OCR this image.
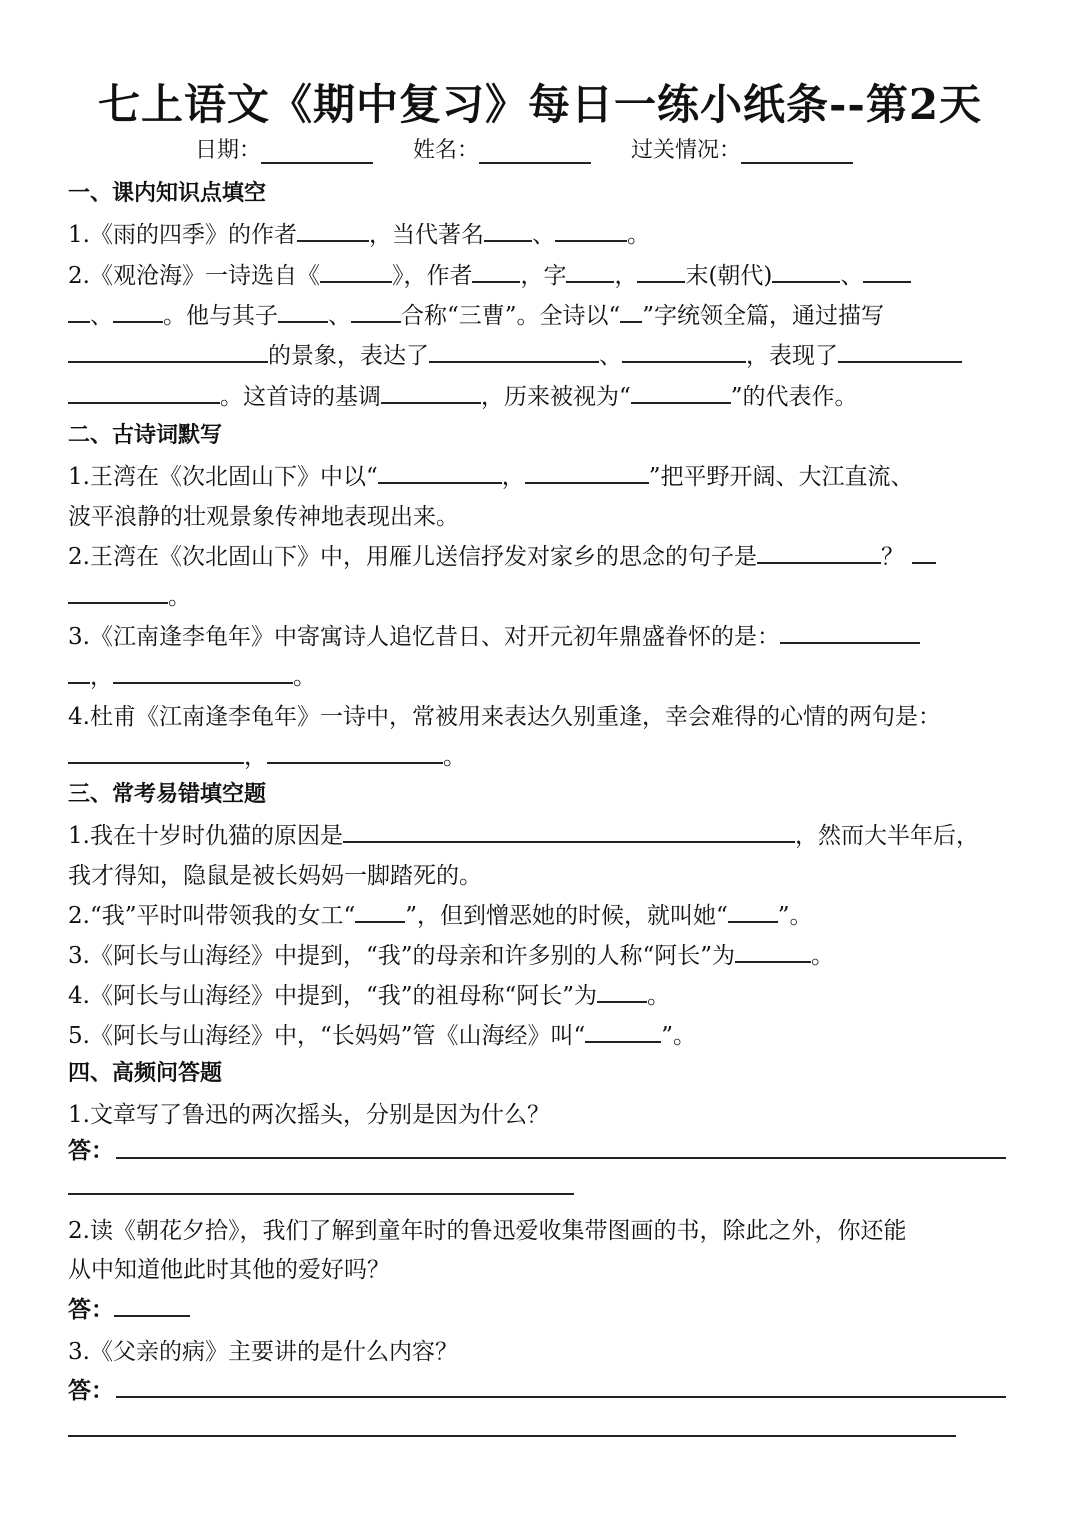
七上语文《期中复习》每日一练小纸条--第2天
日期：	姓名：	过关情况：
一、课内知识点填空
1.《雨的四季》的作者	，当代著名 、	。
2.《观沧海》一诗选自《	》，作者 ，字 ， 末(朝代)	、
、 。他与其子 、 合称“三曹”。全诗以“ ”字统领全篇，通过描写
的景象，表达了	、	，表现了
。这首诗的基调	，历来被视为“	”的代表作。
二、古诗词默写
1.王湾在《次北固山下》中以“	，	”把平野开阔、大江直流、
波平浪静的壮观景象传神地表现出来。
2.王湾在《次北固山下》中，用雁儿送信抒发对家乡的思念的句子是	？
。
3.《江南逢李龟年》中寄寓诗人追忆昔日、对开元初年鼎盛眷怀的是：
，	。
4.杜甫《江南逢李龟年》一诗中，常被用来表达久别重逢，幸会难得的心情的两句是：
，	。
三、常考易错填空题
1.我在十岁时仇猫的原因是	，然而大半年后，
我才得知，隐鼠是被长妈妈一脚踏死的。
2.“我”平时叫带领我的女工“ ”，但到憎恶她的时候，就叫她“ ”。
3.《阿长与山海经》中提到，“我”的母亲和许多别的人称“阿长”为	。
4.《阿长与山海经》中提到，“我”的祖母称“阿长”为 。
5.《阿长与山海经》中，“长妈妈”管《山海经》叫“	”。
四、高频问答题
1.文章写了鲁迅的两次摇头，分别是因为什么？
答：
2.读《朝花夕拾》，我们了解到童年时的鲁迅爱收集带图画的书，除此之外，你还能
从中知道他此时其他的爱好吗？
答：
3.《父亲的病》主要讲的是什么内容？
答：
